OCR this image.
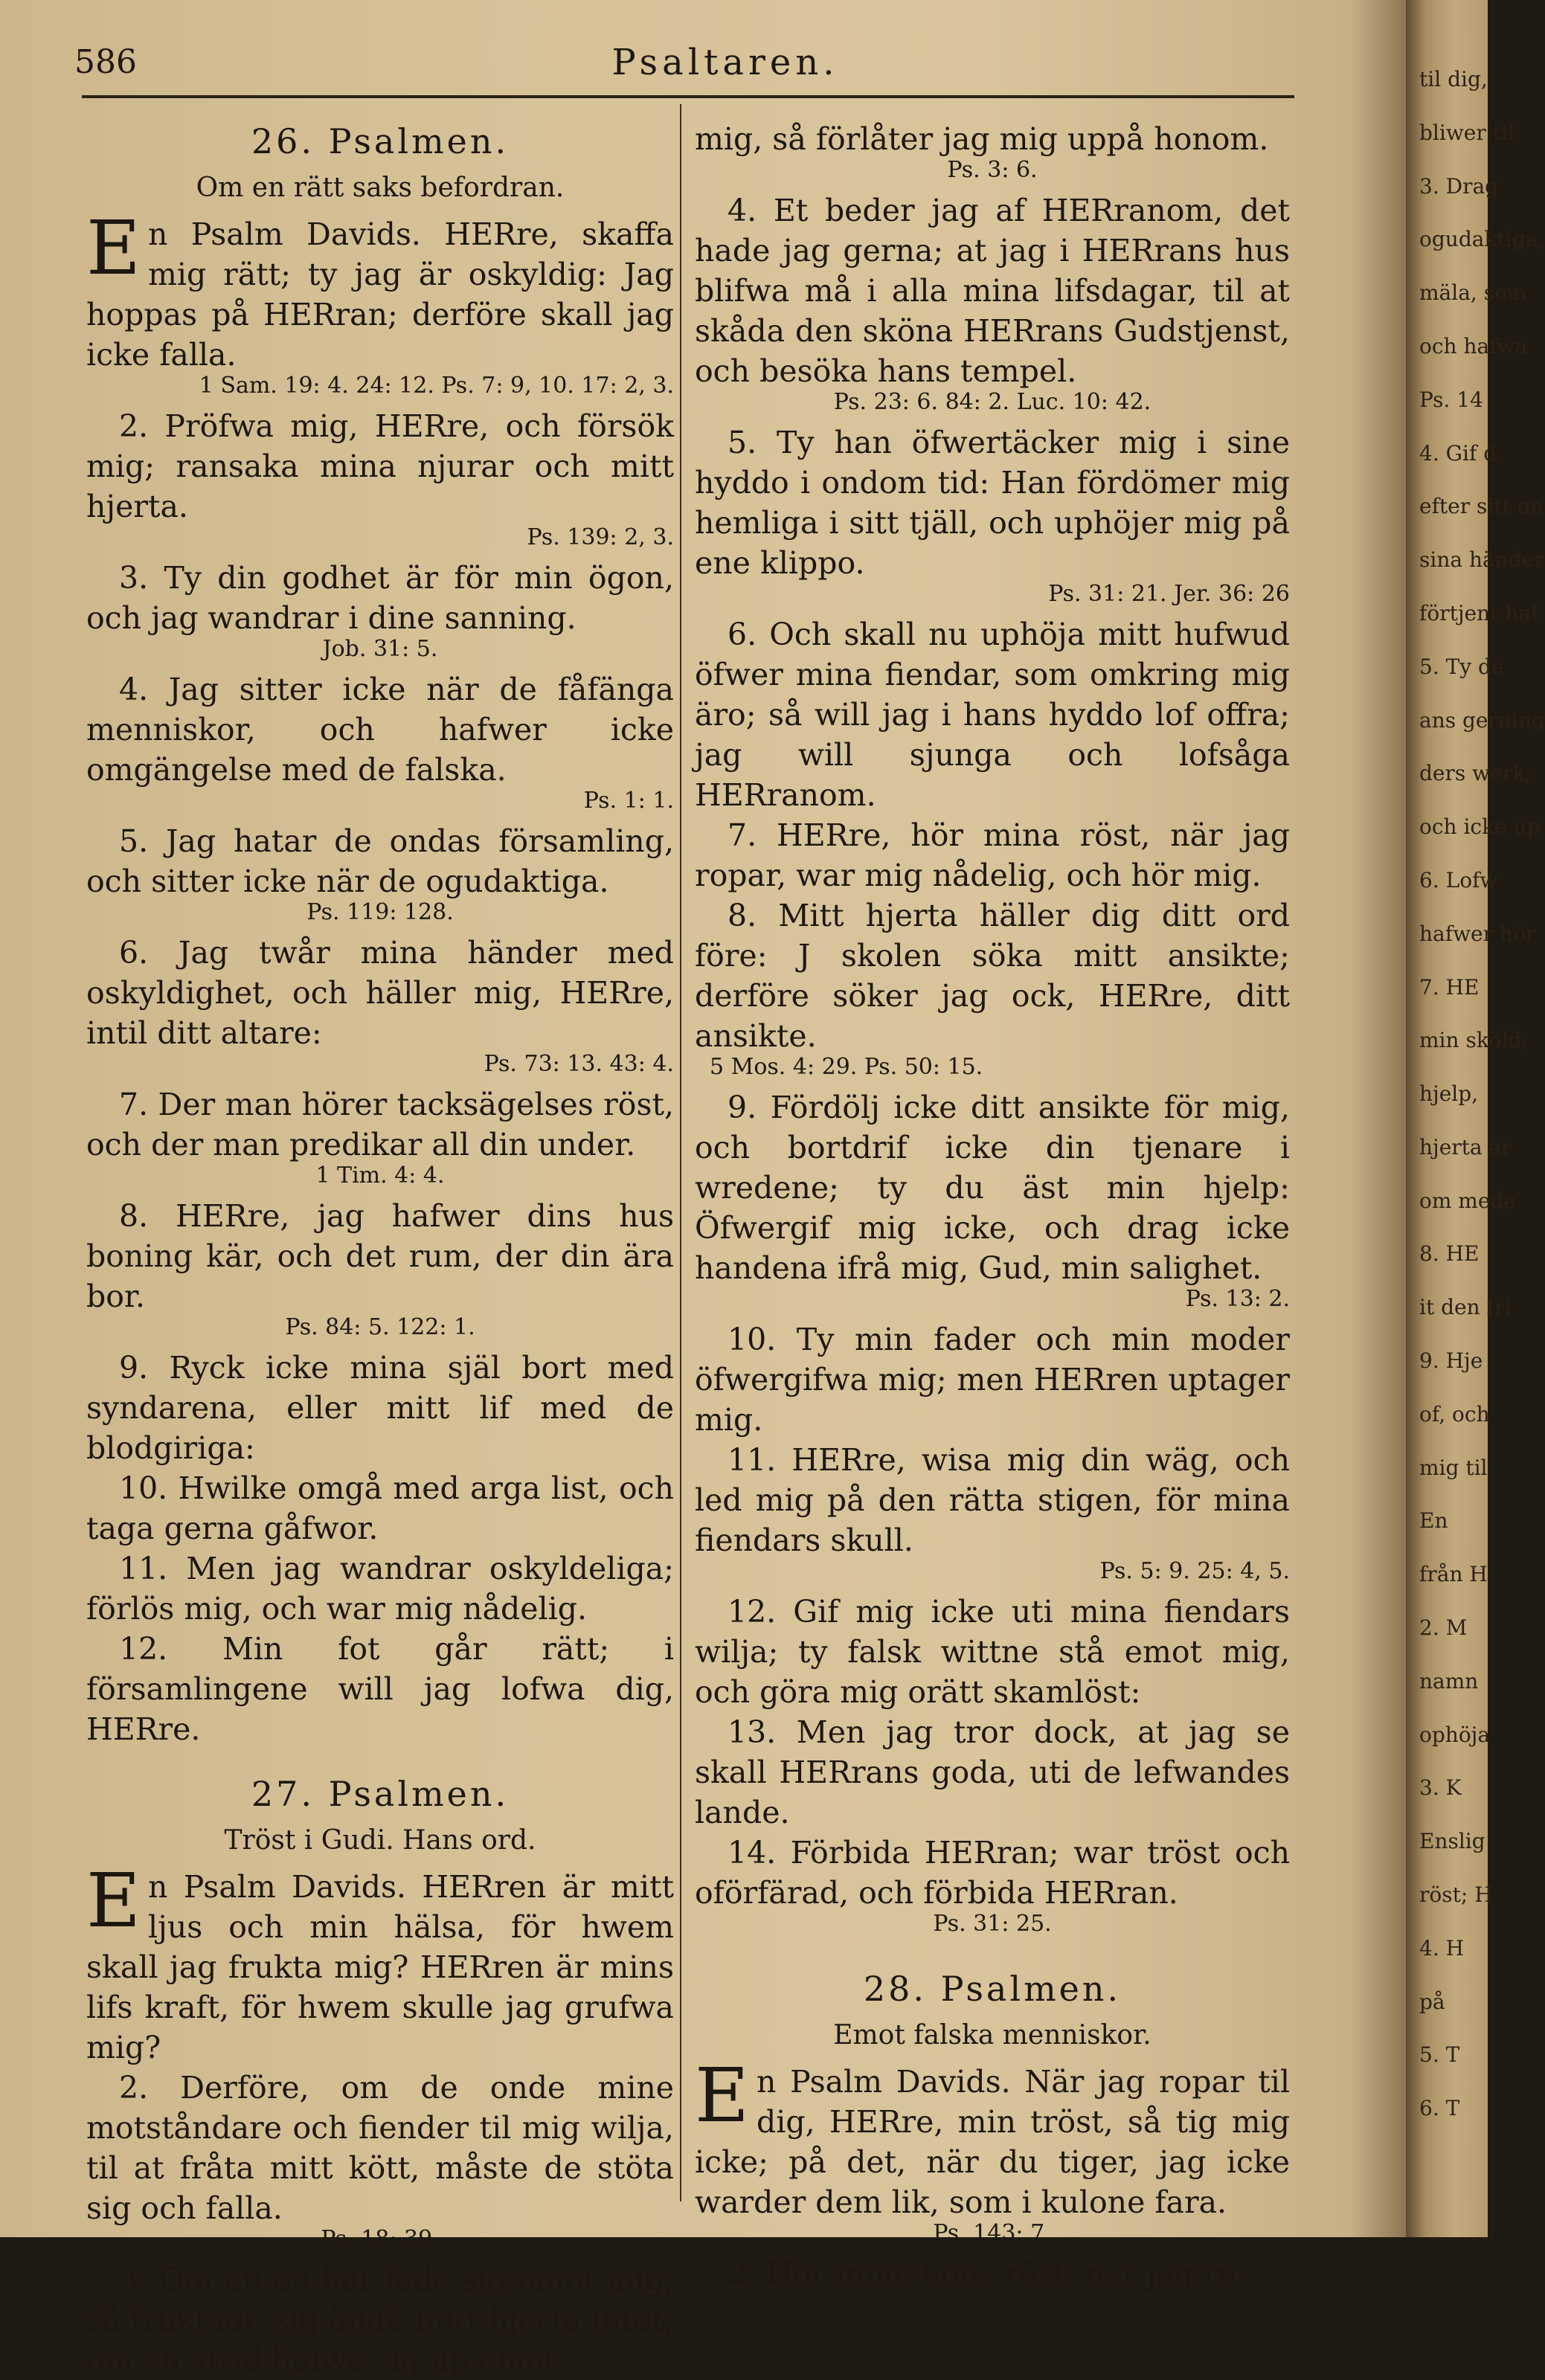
586	Psaltaren.
26. Psalmen.
Om en rätt saks befordran.

En Psalm Davids. HERre, skaffa mig rätt; ty jag är oskyldig: Jag hoppas på HERran; derföre skall jag icke falla.

1 Sam. 19: 4. 24: 12. Ps. 7: 9, 10. 17: 2, 3.

2. Pröfwa mig, HERre, och försök mig; ransaka mina njurar och mitt hjerta.

Ps. 139: 2, 3.

3. Ty din godhet är för min ögon, och jag wandrar i dine sanning.

Job. 31: 5.

4. Jag sitter icke när de fåfänga menniskor, och hafwer icke omgängelse med de falska.

Ps. 1: 1.

5. Jag hatar de ondas församling, och sitter icke när de ogudaktiga.

Ps. 119: 128.

6. Jag twår mina händer med oskyldighet, och häller mig, HERre, intil ditt altare:

Ps. 73: 13. 43: 4.

7. Der man hörer tacksägelses röst, och der man predikar all din under.

1 Tim. 4: 4.

8. HERre, jag hafwer dins hus boning kär, och det rum, der din ära bor.

Ps. 84: 5. 122: 1.

9. Ryck icke mina själ bort med syndarena, eller mitt lif med de blodgiriga:

10. Hwilke omgå med arga list, och taga gerna gåfwor.

11. Men jag wandrar oskyldeliga; förlös mig, och war mig nådelig.

12. Min fot går rätt; i församlingene will jag lofwa dig, HERre.

27. Psalmen.
Tröst i Gudi. Hans ord.

En Psalm Davids. HERren är mitt ljus och min hälsa, för hwem skall jag frukta mig? HERren är mins lifs kraft, för hwem skulle jag grufwa mig?

2. Derföre, om de onde mine motståndare och fiender til mig wilja, til at fråta mitt kött, måste de stöta sig och falla.

Ps. 18: 39.

3. Om än en här lade sig emot mig, så fruktade sig åndå mitt hjerta intet; om en strid hofwe sig up emot

mig, så förlåter jag mig uppå honom.

Ps. 3: 6.

4. Et beder jag af HERranom, det hade jag gerna; at jag i HERrans hus blifwa må i alla mina lifsdagar, til at skåda den sköna HERrans Gudstjenst, och besöka hans tempel.

Ps. 23: 6. 84: 2. Luc. 10: 42.

5. Ty han öfwertäcker mig i sine hyddo i ondom tid: Han fördömer mig hemliga i sitt tjäll, och uphöjer mig på ene klippo.

Ps. 31: 21. Jer. 36: 26

6. Och skall nu uphöja mitt hufwud öfwer mina fiendar, som omkring mig äro; så will jag i hans hyddo lof offra; jag will sjunga och lofsåga HERranom.

7. HERre, hör mina röst, när jag ropar, war mig nådelig, och hör mig.

8. Mitt hjerta häller dig ditt ord före: J skolen söka mitt ansikte; derföre söker jag ock, HERre, ditt ansikte.

5 Mos. 4: 29. Ps. 50: 15.

9. Fördölj icke ditt ansikte för mig, och bortdrif icke din tjenare i wredene; ty du äst min hjelp: Öfwergif mig icke, och drag icke handena ifrå mig, Gud, min salighet.

Ps. 13: 2.

10. Ty min fader och min moder öfwergifwa mig; men HERren uptager mig.

11. HERre, wisa mig din wäg, och led mig på den rätta stigen, för mina fiendars skull.

Ps. 5: 9. 25: 4, 5.

12. Gif mig icke uti mina fiendars wilja; ty falsk wittne stå emot mig, och göra mig orätt skamlöst:

13. Men jag tror dock, at jag se skall HERrans goda, uti de lefwandes lande.

14. Förbida HERran; war tröst och oförfärad, och förbida HERran.

Ps. 31: 25.
28. Psalmen.
Emot falska menniskor.

En Psalm Davids. När jag ropar til dig, HERre, min tröst, så tig mig icke; på det, när du tiger, jag icke warder dem lik, som i kulone fara.

Ps. 143: 7.

2. Hör mine böns röst, när jag ro-

til dig,
bliwer til
3. Drag
ogudaktiga,
mäla, som
och hafwa
Ps. 14
4. Gif d
efter sitt on
sina händer
förtjent haf
5. Ty de
ans gerning
ders werk;
och icke up
6. Lofw
hafwer hör
7. HE
min sköld;
hjelp,
hjerta är
om mede
8. HE
it den fri
9. Hje
of, och
mig til
En
från H
2. M
namn
ophöja
3. K
Enslig
röst; H
4. H
på
5. T
6. T
